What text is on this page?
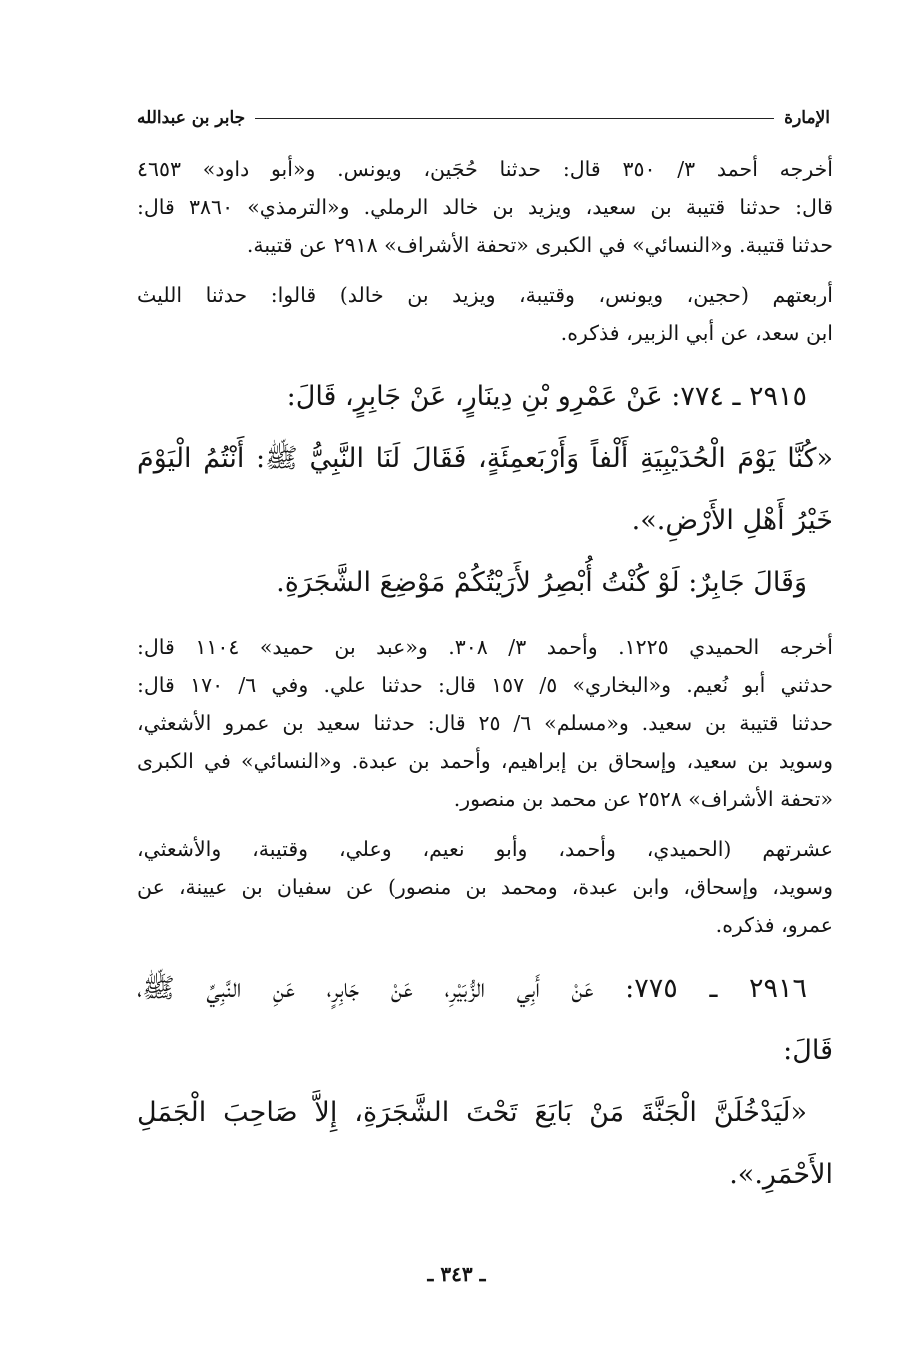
الإمارة
جابر بن عبدالله
أخرجه أحمد ٣/ ٣٥٠ قال: حدثنا حُجَين، ويونس. و«أبو داود» ٤٦٥٣
قال: حدثنا قتيبة بن سعيد، ويزيد بن خالد الرملي. و«الترمذي» ٣٨٦٠ قال:
حدثنا قتيبة. و«النسائي» في الكبرى «تحفة الأشراف» ٢٩١٨ عن قتيبة.
أربعتهم (حجين، ويونس، وقتيبة، ويزيد بن خالد) قالوا: حدثنا الليث
ابن سعد، عن أبي الزبير، فذكره.
٢٩١٥ ـ ٧٧٤: عَنْ عَمْرِو بْنِ دِينَارٍ، عَنْ جَابِرٍ، قَالَ:
«كُنَّا يَوْمَ الْحُدَيْبِيَةِ أَلْفاً وَأَرْبَعمِئَةٍ، فَقَالَ لَنَا النَّبِيُّ ﷺ: أَنْتُمُ الْيَوْمَ
خَيْرُ أَهْلِ الأَرْضِ.».
وَقَالَ جَابِرٌ: لَوْ كُنْتُ أُبْصِرُ لأَرَيْتُكُمْ مَوْضِعَ الشَّجَرَةِ.
أخرجه الحميدي ١٢٢٥. وأحمد ٣/ ٣٠٨. و«عبد بن حميد» ١١٠٤ قال:
حدثني أبو نُعيم. و«البخاري» ٥/ ١٥٧ قال: حدثنا علي. وفي ٦/ ١٧٠ قال:
حدثنا قتيبة بن سعيد. و«مسلم» ٦/ ٢٥ قال: حدثنا سعيد بن عمرو الأشعثي،
وسويد بن سعيد، وإسحاق بن إبراهيم، وأحمد بن عبدة. و«النسائي» في الكبرى
«تحفة الأشراف» ٢٥٢٨ عن محمد بن منصور.
عشرتهم (الحميدي، وأحمد، وأبو نعيم، وعلي، وقتيبة، والأشعثي،
وسويد، وإسحاق، وابن عبدة، ومحمد بن منصور) عن سفيان بن عيينة، عن
عمرو، فذكره.
٢٩١٦ ـ ٧٧٥: عَنْ أَبِي الزُّبَيْرِ، عَنْ جَابِرٍ، عَنِ النَّبِيِّ ﷺ،
قَالَ:
«لَيَدْخُلَنَّ الْجَنَّةَ مَنْ بَايَعَ تَحْتَ الشَّجَرَةِ، إِلاَّ صَاحِبَ الْجَمَلِ
الأَحْمَرِ.».
ـ ٣٤٣ ـ
